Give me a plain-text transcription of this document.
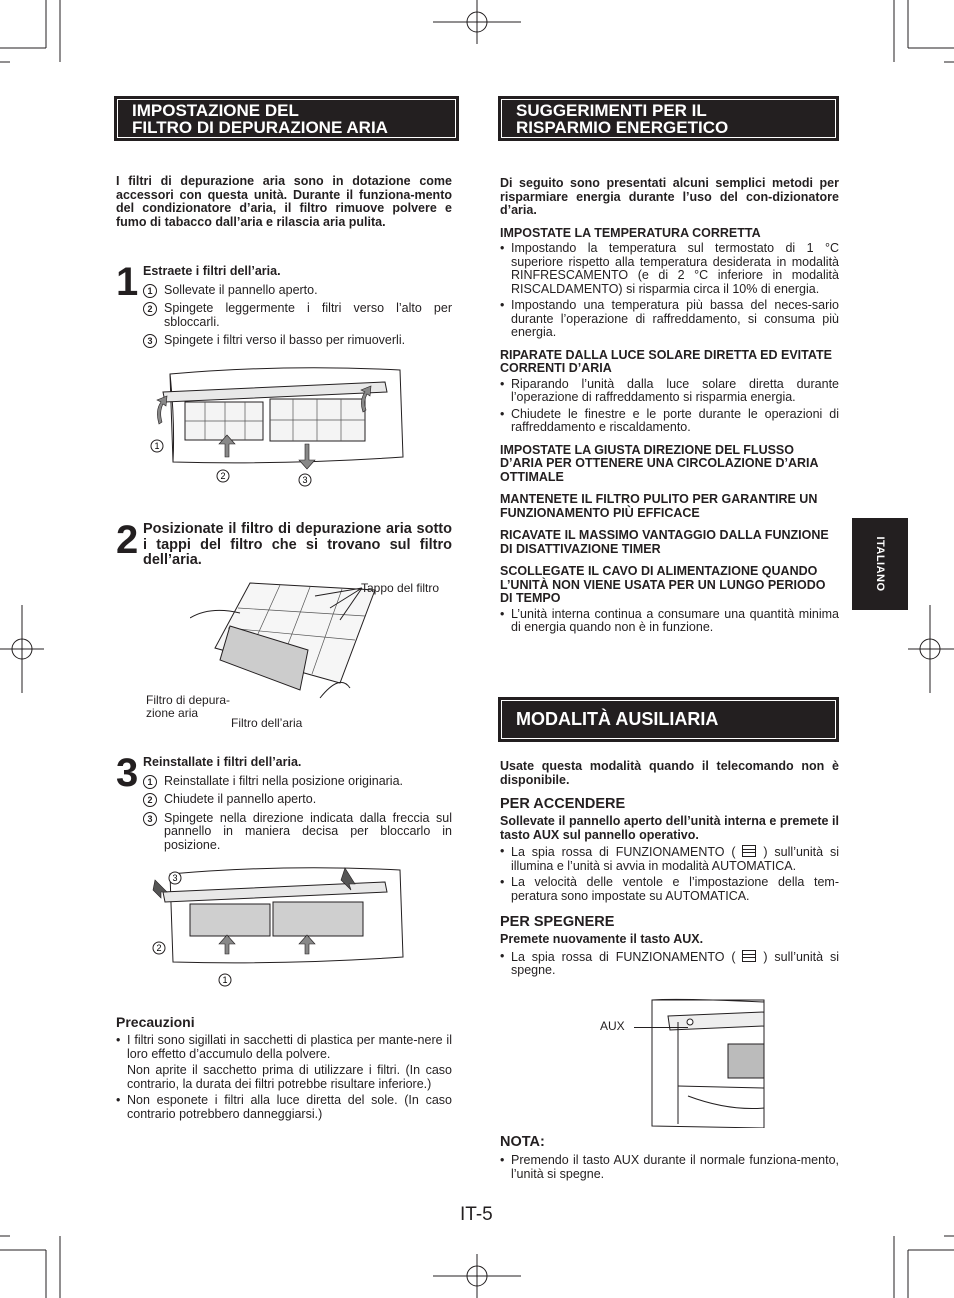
IMPOSTAZIONE DEL
FILTRO DI DEPURAZIONE ARIA

I filtri di depurazione aria sono in dotazione come accessori con questa unità. Durante il funziona-mento del condizionatore d’aria, il filtro rimuove polvere e fumo di tabacco dall’aria e rilascia aria pulita.

1 Estraete i filtri dell’aria.

1 Sollevate il pannello aperto.
2 Spingete leggermente i filtri verso l’alto per sbloccarli.
3 Spingete i filtri verso il basso per rimuoverli.
1
2	3
2 Posizionate il filtro di depurazione aria sotto i tappi del filtro che si trovano sul filtro dell’aria.

Tappo del filtro
Filtro di depura-
zione aria
Filtro dell’aria
3 Reinstallate i filtri dell’aria.

1 Reinstallate i filtri nella posizione originaria.
2 Chiudete il pannello aperto.
3 Spingete nella direzione indicata dalla freccia sul pannello in maniera decisa per bloccarlo in posizione.
3
2
1

Precauzioni

• I filtri sono sigillati in sacchetti di plastica per mante-nere il loro effetto d’accumulo della polvere.

Non aprite il sacchetto prima di utilizzare i filtri. (In caso contrario, la durata dei filtri potrebbe risultare inferiore.)

• Non esponete i filtri alla luce diretta del sole. (In caso contrario potrebbero danneggiarsi.)

SUGGERIMENTI PER IL
RISPARMIO ENERGETICO

Di seguito sono presentati alcuni semplici metodi per risparmiare energia durante l’uso del con-dizionatore d’aria.

IMPOSTATE LA TEMPERATURA CORRETTA

• Impostando la temperatura sul termostato di 1 °C superiore rispetto alla temperatura desiderata in modalità RINFRESCAMENTO (e di 2 °C inferiore in modalità RISCALDAMENTO) si risparmia circa il 10% di energia.

• Impostando una temperatura più bassa del neces-sario durante l’operazione di raffreddamento, si consuma più energia.

RIPARATE DALLA LUCE SOLARE DIRETTA ED EVITATE CORRENTI D’ARIA

• Riparando l’unità dalla luce solare diretta durante l’operazione di raffreddamento si risparmia energia.

• Chiudete le finestre e le porte durante le operazioni di raffreddamento e riscaldamento.

IMPOSTATE LA GIUSTA DIREZIONE DEL FLUSSO D’ARIA PER OTTENERE UNA CIRCOLAZIONE D’ARIA OTTIMALE

MANTENETE IL FILTRO PULITO PER GARANTIRE UN FUNZIONAMENTO PIÙ EFFICACE

RICAVATE IL MASSIMO VANTAGGIO DALLA FUNZIONE DI DISATTIVAZIONE TIMER

SCOLLEGATE IL CAVO DI ALIMENTAZIONE QUANDO L’UNITÀ NON VIENE USATA PER UN LUNGO PERIODO DI TEMPO

• L’unità interna continua a consumare una quantità minima di energia quando non è in funzione.

MODALITÀ AUSILIARIA

Usate questa modalità quando il telecomando non è disponibile.

PER ACCENDERE

Sollevate il pannello aperto dell’unità interna e premete il tasto AUX sul pannello operativo.

• La spia rossa di FUNZIONAMENTO ( ) sull’unità si illumina e l’unità si avvia in modalità AUTOMATICA.

• La velocità delle ventole e l’impostazione della tem-peratura sono impostate su AUTOMATICA.

PER SPEGNERE

Premete nuovamente il tasto AUX.

• La spia rossa di FUNZIONAMENTO ( ) sull’unità si spegne.

AUX

NOTA:

• Premendo il tasto AUX durante il normale funziona-mento, l’unità si spegne.

ITALIANO
IT-5
